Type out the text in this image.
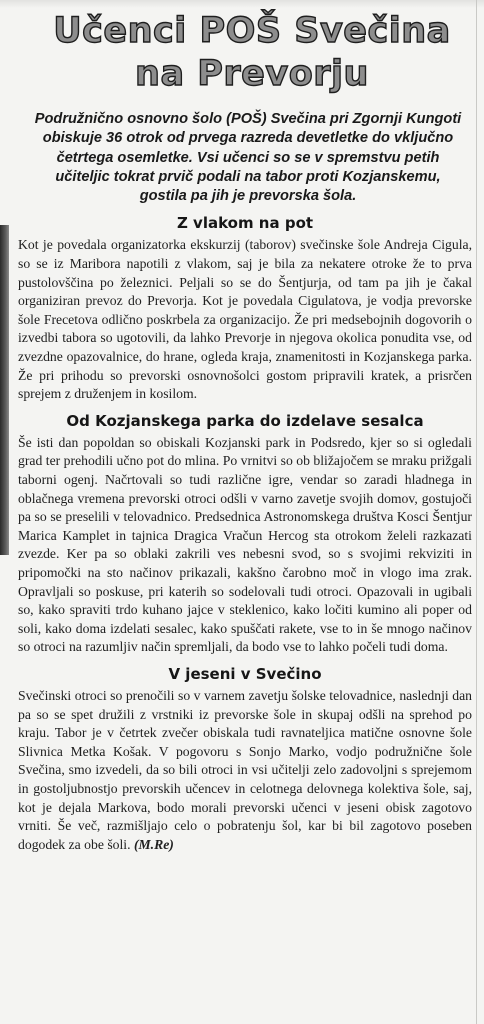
Učenci POŠ Svečina
na Prevorju

Podružnično osnovno šolo (POŠ) Svečina pri Zgornji Kungoti obiskuje 36 otrok od prvega razreda devetletke do vključno četrtega osemletke. Vsi učenci so se v spremstvu petih učiteljic tokrat prvič podali na tabor proti Kozjanskemu, gostila pa jih je prevorska šola.

Z vlakom na pot

Kot je povedala organizatorka ekskurzij (taborov) svečinske šole Andreja Cigula, so se iz Maribora napotili z vlakom, saj je bila za nekatere otroke že to prva pustolovščina po železnici. Peljali so se do Šentjurja, od tam pa jih je čakal organiziran prevoz do Prevorja. Kot je povedala Cigulatova, je vodja prevorske šole Frecetova odlično poskrbela za organizacijo. Že pri medsebojnih dogovorih o izvedbi tabora so ugotovili, da lahko Prevorje in njegova okolica ponudita vse, od zvezdne opazovalnice, do hrane, ogleda kraja, znamenitosti in Kozjanskega parka. Že pri prihodu so prevorski osnovnošolci gostom pripravili kratek, a prisrčen sprejem z druženjem in kosilom.

Od Kozjanskega parka do izdelave sesalca

Še isti dan popoldan so obiskali Kozjanski park in Podsredo, kjer so si ogledali grad ter prehodili učno pot do mlina. Po vrnitvi so ob bližajočem se mraku prižgali taborni ogenj. Načrtovali so tudi različne igre, vendar so zaradi hladnega in oblačnega vremena prevorski otroci odšli v varno zavetje svojih domov, gostujoči pa so se preselili v telovadnico. Predsednica Astronomskega društva Kosci Šentjur Marica Kamplet in tajnica Dragica Vračun Hercog sta otrokom želeli razkazati zvezde. Ker pa so oblaki zakrili ves nebesni svod, so s svojimi rekviziti in pripomočki na sto načinov prikazali, kakšno čarobno moč in vlogo ima zrak. Opravljali so poskuse, pri katerih so sodelovali tudi otroci. Opazovali in ugibali so, kako spraviti trdo kuhano jajce v steklenico, kako ločiti kumino ali poper od soli, kako doma izdelati sesalec, kako spuščati rakete, vse to in še mnogo načinov so otroci na razumljiv način spremljali, da bodo vse to lahko počeli tudi doma.

V jeseni v Svečino

Svečinski otroci so prenočili so v varnem zavetju šolske telovadnice, naslednji dan pa so se spet družili z vrstniki iz prevorske šole in skupaj odšli na sprehod po kraju. Tabor je v četrtek zvečer obiskala tudi ravnateljica matične osnovne šole Slivnica Metka Košak. V pogovoru s Sonjo Marko, vodjo podružnične šole Svečina, smo izvedeli, da so bili otroci in vsi učitelji zelo zadovoljni s sprejemom in gostoljubnostjo prevorskih učencev in celotnega delovnega kolektiva šole, saj, kot je dejala Markova, bodo morali prevorski učenci v jeseni obisk zagotovo vrniti. Še več, razmišljajo celo o pobratenju šol, kar bi bil zagotovo poseben dogodek za obe šoli. (M.Re)
